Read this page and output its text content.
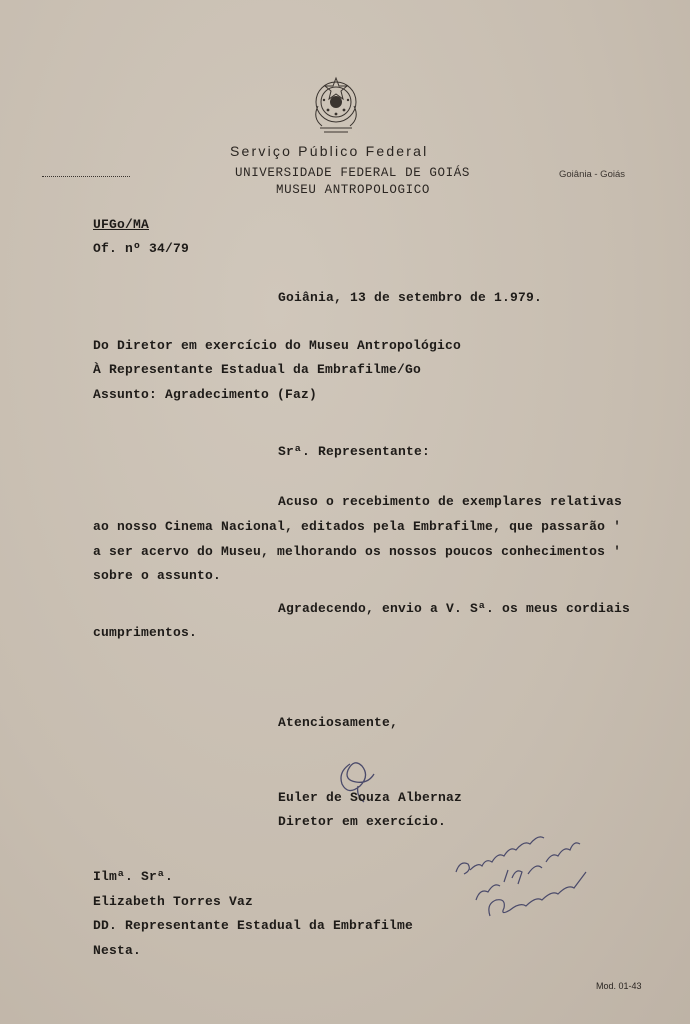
Serviço Público Federal
UNIVERSIDADE FEDERAL DE GOIÁS
MUSEU ANTROPOLOGICO
Goiânia - Goiás
UFGo/MA
Of. nº 34/79
Goiânia, 13 de setembro de 1.979.
Do Diretor em exercício do Museu Antropológico
À Representante Estadual da Embrafilme/Go
Assunto: Agradecimento (Faz)
Srª. Representante:
Acuso o recebimento de exemplares relativas
ao nosso Cinema Nacional, editados pela Embrafilme, que passarão '
a ser acervo do Museu, melhorando os nossos poucos conhecimentos '
sobre o assunto.
Agradecendo, envio a V. Sª. os meus cordiais
cumprimentos.
Atenciosamente,
Euler de Souza Albernaz
Diretor em exercício.
Ilmª. Srª.
Elizabeth Torres Vaz
DD. Representante Estadual da Embrafilme
Nesta.
Mod. 01-43
